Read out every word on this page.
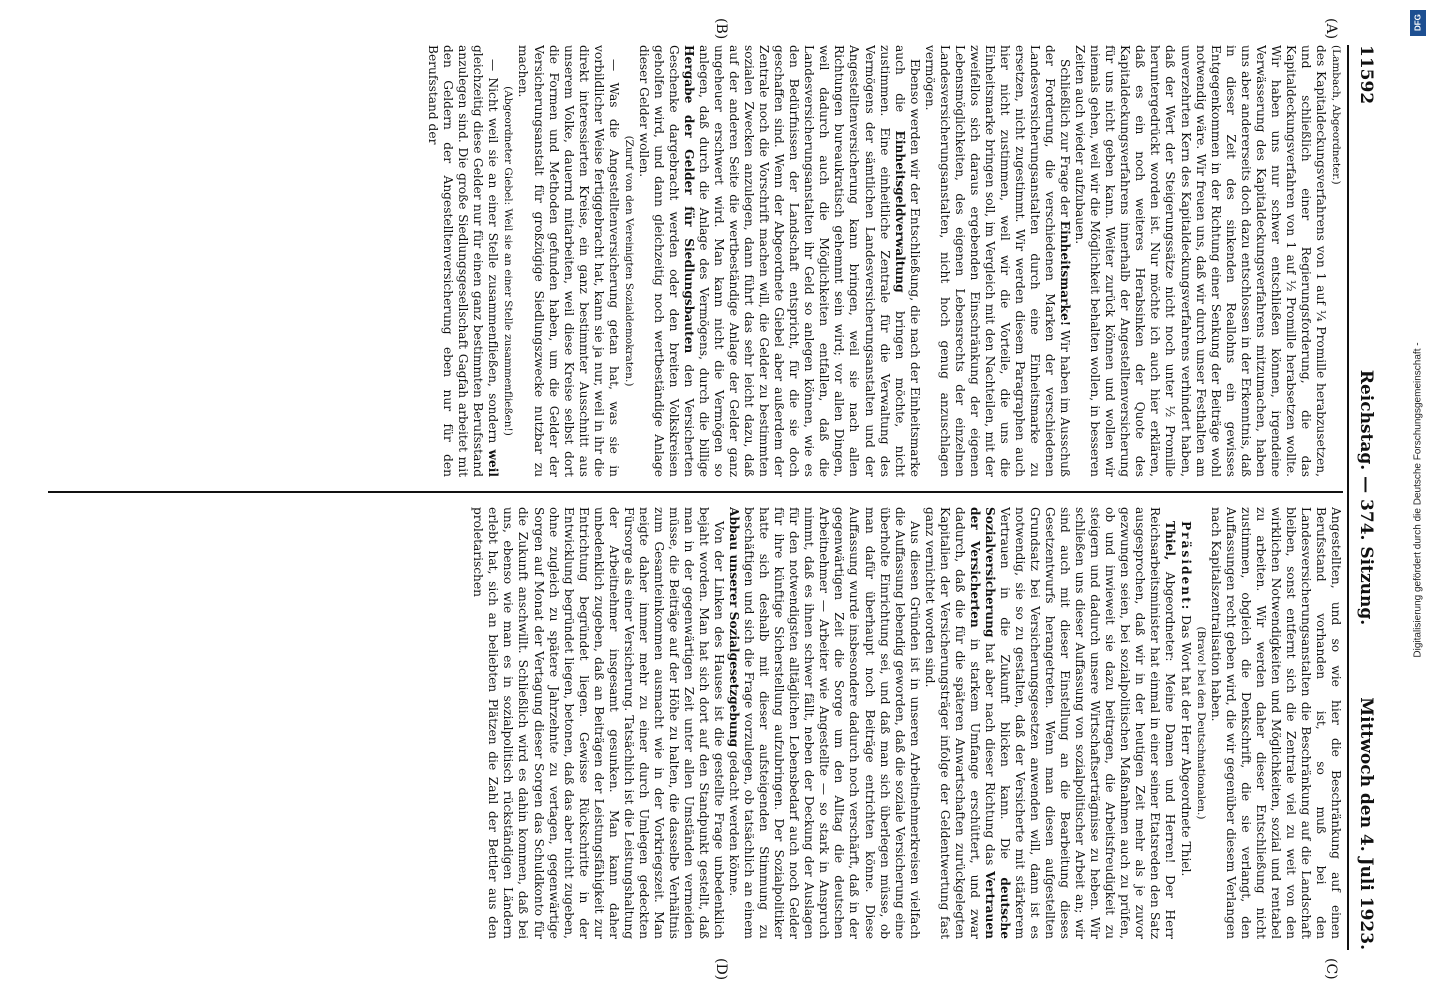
11592
Reichstag. — 374. Sitzung.
Mittwoch den 4. Juli 1923.

(Lambach, Abgeordneter.)

des Kapitaldeckungsverfahrens von 1 auf ¼ Promille herabzusetzen, und schließlich einer Regierungsforderung, die das Kapitaldeckungsverfahren von 1 auf ½ Promille herabsetzen wollte. Wir haben uns nur schwer entschließen können, irgendeine Verwässerung des Kapitaldeckungsverfahrens mitzumachen, haben uns aber andererseits doch dazu entschlossen in der Erkenntnis, daß in dieser Zeit des sinkenden Reallohns ein gewisses Entgegenkommen in der Richtung einer Senkung der Beiträge wohl notwendig wäre. Wir freuen uns, daß wir durch unser Festhalten am unverzehrten Kern des Kapitaldeckungsverfahrens verhindert haben, daß der Wert der Steigerungssätze nicht noch unter ½ Promille heruntergedrückt worden ist. Nur möchte ich auch hier erklären, daß es ein noch weiteres Herabsinken der Quote des Kapitaldeckungsverfahrens innerhalb der Angestelltenversicherung für uns nicht geben kann. Weiter zurück können und wollen wir niemals gehen, weil wir die Möglichkeit behalten wollen, in besseren Zeiten auch wieder aufzubauen.

Schließlich zur Frage der Einheitsmarke! Wir haben im Ausschuß der Forderung, die verschiedenen Marken der verschiedenen Landesversicherungsanstalten durch eine Einheitsmarke zu ersetzen, nicht zugestimmt. Wir werden diesem Paragraphen auch hier nicht zustimmen, weil wir die Vorteile, die uns die Einheitsmarke bringen soll, im Vergleich mit den Nachteilen, mit der zweifellos sich daraus ergebenden Einschränkung der eigenen Lebensmöglichkeiten, des eigenen Lebensrechts der einzelnen Landesversicherungsanstalten, nicht hoch genug anzuschlagen vermögen.

Ebenso werden wir der Entschließung, die nach der Einheitsmarke auch die Einheitsgeldverwaltung bringen möchte, nicht zustimmen. Eine einheitliche Zentrale für die Verwaltung des Vermögens der sämtlichen Landesversicherungsanstalten und der Angestelltenversicherung kann bringen, weil sie nach allen Richtungen bureaukratisch gehemmt sein wird; vor allen Dingen, weil dadurch auch die Möglichkeiten entfallen, daß die Landesversicherungsanstalten ihr Geld so anlegen können, wie es den Bedürfnissen der Landschaft entspricht, für die sie doch geschaffen sind. Wenn der Abgeordnete Giebel aber außerdem der Zentrale noch die Vorschrift machen will, die Gelder zu bestimmten sozialen Zwecken anzulegen, dann führt das sehr leicht dazu, daß auf der anderen Seite die wertbeständige Anlage der Gelder ganz ungeheuer erschwert wird. Man kann nicht die Vermögen so anlegen, daß durch die Anlage des Vermögens, durch die billige Hergabe der Gelder für Siedlungsbauten den Versicherten Geschenke dargebracht werden oder den breiten Volkskreisen geholfen wird, und dann gleichzeitig noch wertbeständige Anlage dieser Gelder wollen.

(Zuruf von den Vereinigten Sozialdemokraten.)

— Was die Angestelltenversicherung getan hat, was sie in vorbildlicher Weise fertiggebracht hat, kann sie ja nur, weil in ihr die direkt interessierten Kreise, ein ganz bestimmter Ausschnitt aus unserem Volke, dauernd mitarbeiten, weil diese Kreise selbst dort die Formen und Methoden gefunden haben, um die Gelder der Versicherungsanstalt für großzügige Siedlungszwecke nutzbar zu machen.

(Abgeordneter Giebel: Weil sie an einer Stelle zusammenfließen!)

— Nicht weil sie an einer Stelle zusammenfließen, sondern weil gleichzeitig diese Gelder nur für einen ganz bestimmten Berufsstand anzulegen sind. Die große Siedlungsgesellschaft Gagfah arbeitet mit den Geldern der Angestelltenversicherung eben nur für den Berufsstand der

Angestellten, und so wie hier die Beschränkung auf einen Berufsstand vorhanden ist, so muß bei den Landesversicherungsanstalten die Beschränkung auf die Landschaft bleiben, sonst entfernt sich die Zentrale viel zu weit von den wirklichen Notwendigkeiten und Möglichkeiten, sozial und rentabel zu arbeiten. Wir werden daher dieser Entschließung nicht zustimmen, obgleich die Denkschrift, die sie verlangt, den Auffassungen recht geben wird, die wir gegenüber diesem Verlangen nach Kapitalszentralisation haben.

(Bravo! bei den Deutschnationalen.)

Präsident: Das Wort hat der Herr Abgeordnete Thiel.

Thiel, Abgeordneter: Meine Damen und Herren! Der Herr Reichsarbeitsminister hat einmal in einer seiner Etatsreden den Satz ausgesprochen, daß wir in der heutigen Zeit mehr als je zuvor gezwungen seien, bei sozialpolitischen Maßnahmen auch zu prüfen, ob und inwieweit sie dazu beitragen, die Arbeitsfreudigkeit zu steigern und dadurch unsere Wirtschaftserträgnisse zu heben. Wir schließen uns dieser Auffassung von sozialpolitischer Arbeit an; wir sind auch mit dieser Einstellung an die Bearbeitung dieses Gesetzentwurfs herangetreten. Wenn man diesen aufgestellten Grundsatz bei Versicherungsgesetzen anwenden will, dann ist es notwendig, sie so zu gestalten, daß der Versicherte mit stärkerem Vertrauen in die Zukunft blicken kann. Die deutsche Sozialversicherung hat aber nach dieser Richtung das Vertrauen der Versicherten in starkem Umfange erschüttert, und zwar dadurch, daß die für die späteren Anwartschaften zurückgelegten Kapitalien der Versicherungsträger infolge der Geldentwertung fast ganz vernichtet worden sind.

Aus diesen Gründen ist in unseren Arbeitnehmerkreisen vielfach die Auffassung lebendig geworden, daß die soziale Versicherung eine überholte Einrichtung sei, und daß man sich überlegen müsse, ob man dafür überhaupt noch Beiträge entrichten könne. Diese Auffassung wurde insbesondere dadurch noch verschärft, daß in der gegenwärtigen Zeit die Sorge um den Alltag die deutschen Arbeitnehmer — Arbeiter wie Angestellte — so stark in Anspruch nimmt, daß es ihnen schwer fällt, neben der Deckung der Auslagen für den notwendigsten alltäglichen Lebensbedarf auch noch Gelder für ihre künftige Sicherstellung aufzubringen. Der Sozialpolitiker hatte sich deshalb mit dieser aufsteigenden Stimmung zu beschäftigen und sich die Frage vorzulegen, ob tatsächlich an einem Abbau unserer Sozialgesetzgebung gedacht werden könne.

Von der Linken des Hauses ist die gestellte Frage unbedenklich bejaht worden. Man hat sich dort auf den Standpunkt gestellt, daß man in der gegenwärtigen Zeit unter allen Umständen vermeiden müsse, die Beiträge auf der Höhe zu halten, die dasselbe Verhältnis zum Gesamteinkommen ausmacht wie in der Vorkriegszeit. Man neigte daher immer mehr zu einer durch Umlegen gedeckten Fürsorge als einer Versicherung. Tatsächlich ist die Leistungshaltung der Arbeitnehmer insgesamt gesunken. Man kann daher unbedenklich zugeben, daß an Beiträgen der Leistungsfähigkeit zur Entrichtung begründet liegen. Gewisse Rückschritte in der Entwicklung begründet liegen, betonen, daß das aber nicht zugeben, ohne zugleich zu spätere Jahrzehnte zu vertagen, gegenwärtige Sorgen auf Monat der Vertagung dieser Sorgen das Schuldkonto für die Zukunft anschwillt. Schließlich wird es dahin kommen, daß bei uns, ebenso wie man es in sozialpolitisch rückständigen Ländern erlebt hat, sich an beliebten Plätzen die Zahl der Bettler aus den proletarischen

(A)
(B)
(C)
(D)
DFG
Digitalisierung gefördert durch die Deutsche Forschungsgemeinschaft -
